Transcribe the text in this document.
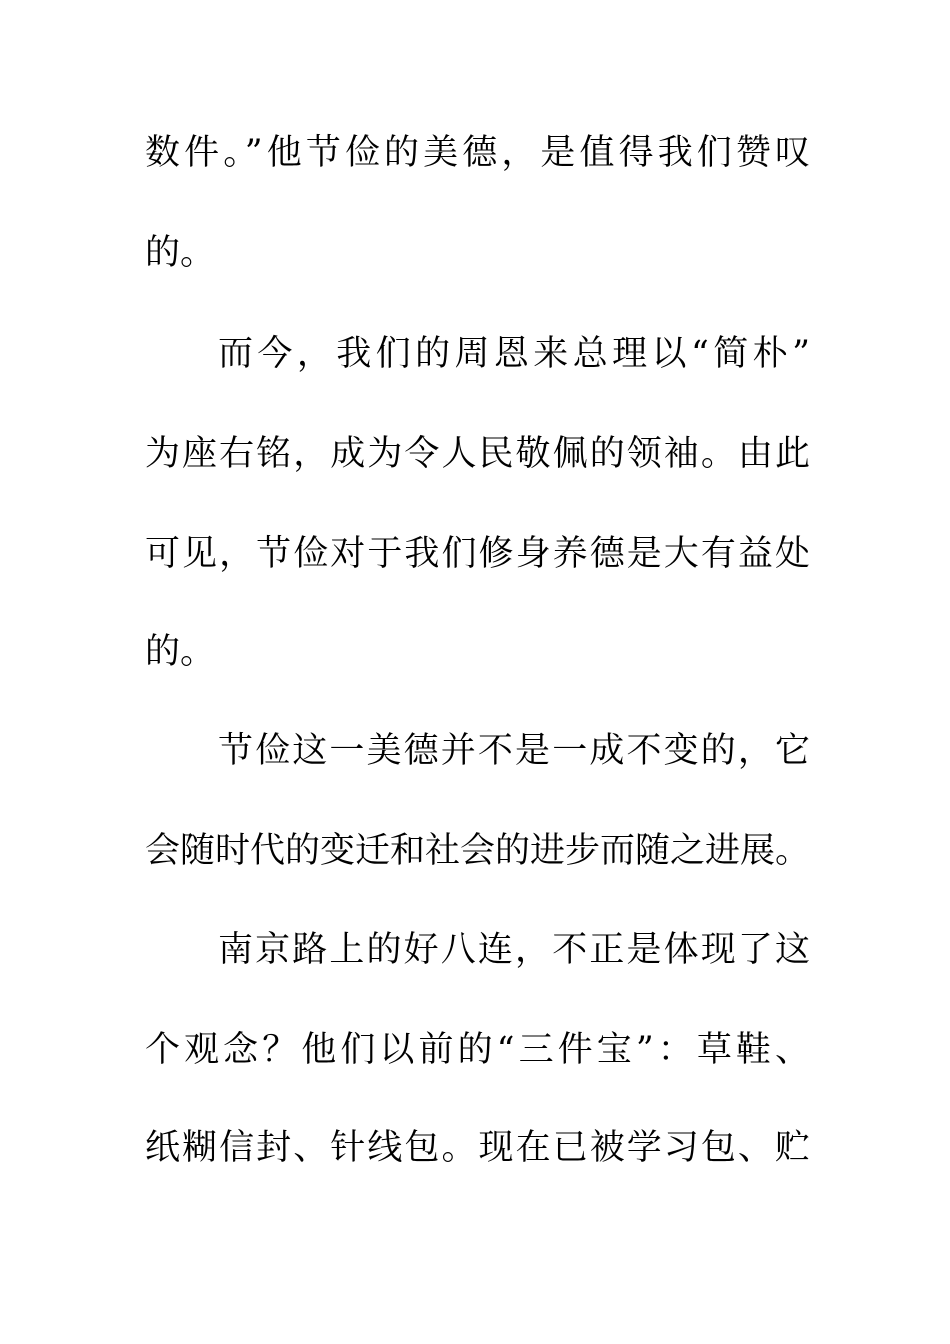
数件。”他节俭的美德，是值得我们赞叹
的。
而今，我们的周恩来总理以“简朴”
为座右铭，成为令人民敬佩的领袖。由此
可见，节俭对于我们修身养德是大有益处
的。
节俭这一美德并不是一成不变的，它
会随时代的变迁和社会的进步而随之进展。
南京路上的好八连，不正是体现了这
个观念？他们以前的“三件宝”：草鞋、
纸糊信封、针线包。现在已被学习包、贮
